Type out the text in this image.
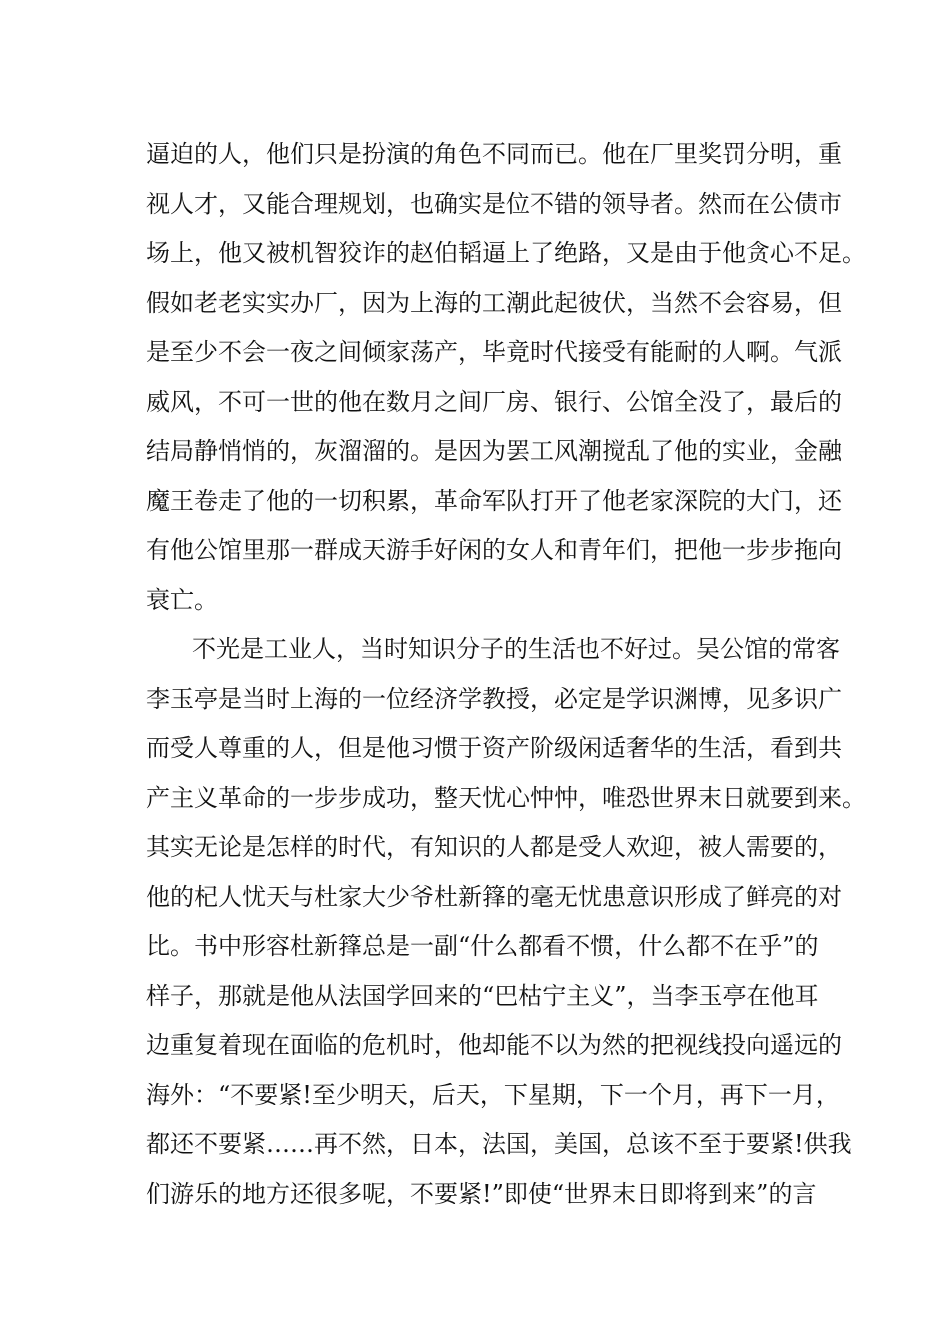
逼迫的人，他们只是扮演的角色不同而已。他在厂里奖罚分明，重
视人才，又能合理规划，也确实是位不错的领导者。然而在公债市
场上，他又被机智狡诈的赵伯韬逼上了绝路，又是由于他贪心不足。
假如老老实实办厂，因为上海的工潮此起彼伏，当然不会容易，但
是至少不会一夜之间倾家荡产，毕竟时代接受有能耐的人啊。气派
威风，不可一世的他在数月之间厂房、银行、公馆全没了，最后的
结局静悄悄的，灰溜溜的。是因为罢工风潮搅乱了他的实业，金融
魔王卷走了他的一切积累，革命军队打开了他老家深院的大门，还
有他公馆里那一群成天游手好闲的女人和青年们，把他一步步拖向
衰亡。
不光是工业人，当时知识分子的生活也不好过。吴公馆的常客
李玉亭是当时上海的一位经济学教授，必定是学识渊博，见多识广
而受人尊重的人，但是他习惯于资产阶级闲适奢华的生活，看到共
产主义革命的一步步成功，整天忧心忡忡，唯恐世界末日就要到来。
其实无论是怎样的时代，有知识的人都是受人欢迎，被人需要的，
他的杞人忧天与杜家大少爷杜新箨的毫无忧患意识形成了鲜亮的对
比。书中形容杜新箨总是一副“什么都看不惯，什么都不在乎”的
样子，那就是他从法国学回来的“巴枯宁主义”，当李玉亭在他耳
边重复着现在面临的危机时，他却能不以为然的把视线投向遥远的
海外：“不要紧!至少明天，后天，下星期，下一个月，再下一月，
都还不要紧……再不然，日本，法国，美国，总该不至于要紧!供我
们游乐的地方还很多呢，不要紧!”即使“世界末日即将到来”的言
